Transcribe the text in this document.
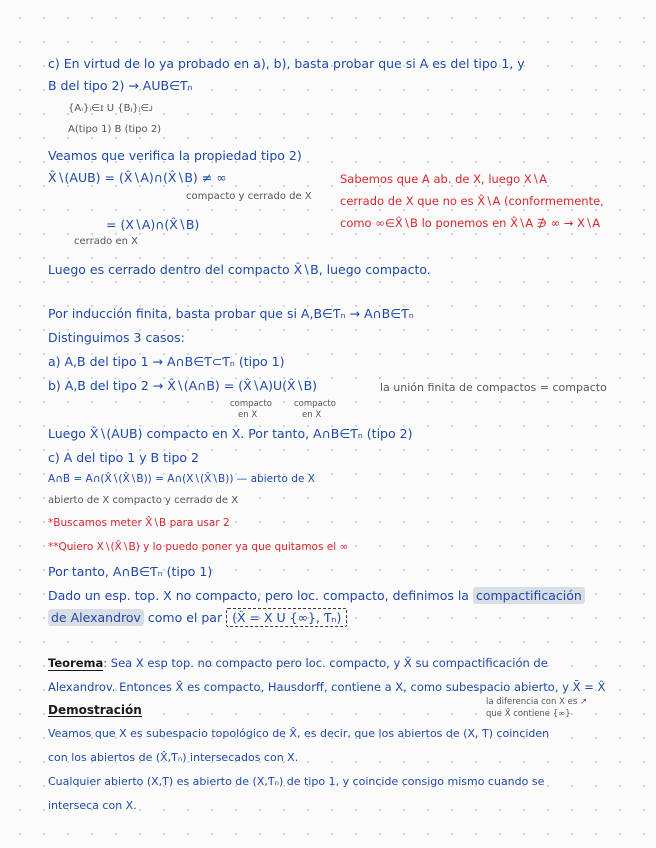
c) En virtud de lo ya probado en a), b), basta probar que si A es del tipo 1, y
B del tipo 2) → AUB∈Ƭₙ
{Aᵢ}ᵢ∈ɪ U {Bⱼ}ⱼ∈ᴊ
A(tipo 1) B (tipo 2)
Veamos que verifica la propiedad tipo 2)
X̂∖(AUB) = (X̂∖A)∩(X̂∖B) ≠ ∞
compacto y cerrado de X
= (X∖A)∩(X̂∖B)
cerrado en X
Sabemos que A ab. de X, luego X∖A
cerrado de X que no es X̂∖A (conformemente,
como ∞∈X̂∖B lo ponemos en X̂∖A ∌ ∞ → X∖A
Luego es cerrado dentro del compacto X̂∖B, luego compacto.
Por inducción finita, basta probar que si A,B∈Ƭₙ → A∩B∈Ƭₙ
Distinguimos 3 casos:
a) A,B del tipo 1 → A∩B∈Ƭ⊂Ƭₙ (tipo 1)
b) A,B del tipo 2 → X̂∖(A∩B) = (X̂∖A)U(X̂∖B)	la unión finita de compactos = compacto
compacto
en X
compacto
en X
Luego X̂∖(AUB) compacto en X. Por tanto, A∩B∈Ƭₙ (tipo 2)
c) A del tipo 1 y B tipo 2
A∩B = A∩(X̂∖(X̂∖B)) = A∩(X∖(X̂∖B)) — abierto de X
abierto de X compacto y cerrado de X
*Buscamos meter X̂∖B para usar 2
**Quiero X∖(X̂∖B) y lo puedo poner ya que quitamos el ∞
Por tanto, A∩B∈Ƭₙ (tipo 1)
Dado un esp. top. X no compacto, pero loc. compacto, definimos la compactificación
de Alexandrov como el par (X̂ = X U {∞}, Ƭₙ)
Teorema: Sea X esp top. no compacto pero loc. compacto, y X̂ su compactificación de
Alexandrov. Entonces X̂ es compacto, Hausdorff, contiene a X, como subespacio abierto, y X̄ = X̂
la diferencia con X es ↗
que X̂ contiene {∞}
Demostración
Veamos que X es subespacio topológico de X̂, es decir, que los abiertos de (X, Ƭ) coinciden
con los abiertos de (X̂,Ƭₙ) intersecados con X.
Cualquier abierto (X,Ƭ) es abierto de (X,Ƭₙ) de tipo 1, y coincide consigo mismo cuando se
interseca con X.
